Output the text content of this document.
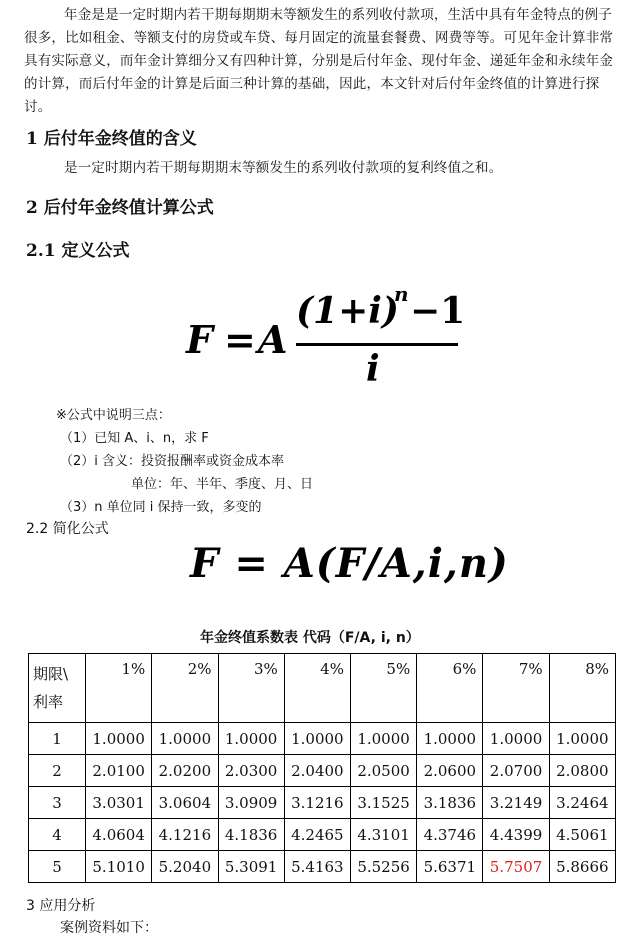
年金是是一定时期内若干期每期期末等额发生的系列收付款项，生活中具有年金特点的例子很多，比如租金、等额支付的房贷或车贷、每月固定的流量套餐费、网费等等。可见年金计算非常具有实际意义，而年金计算细分又有四种计算，分别是后付年金、现付年金、递延年金和永续年金的计算，而后付年金的计算是后面三种计算的基础，因此，本文针对后付年金终值的计算进行探讨。

1 后付年金终值的含义

是一定时期内若干期每期期末等额发生的系列收付款项的复利终值之和。

2 后付年金终值计算公式
2.1 定义公式
F = A
(1+i)
n −1
i
※公式中说明三点：
（1）已知 A、i、n，求 F
（2）i 含义：投资报酬率或资金成本率
单位：年、半年、季度、月、日
（3）n 单位同 i 保持一致，多变的
2.2 简化公式
F = A(F/A,i,n)
年金终值系数表 代码（F/A, i, n）
期限\
利率	1%	2%	3%	4%	5%	6%	7%	8%
1	1.0000	1.0000	1.0000	1.0000	1.0000	1.0000	1.0000	1.0000
2	2.0100	2.0200	2.0300	2.0400	2.0500	2.0600	2.0700	2.0800
3	3.0301	3.0604	3.0909	3.1216	3.1525	3.1836	3.2149	3.2464
4	4.0604	4.1216	4.1836	4.2465	4.3101	4.3746	4.4399	4.5061
5	5.1010	5.2040	5.3091	5.4163	5.5256	5.6371	5.7507	5.8666
3 应用分析
案例资料如下：
